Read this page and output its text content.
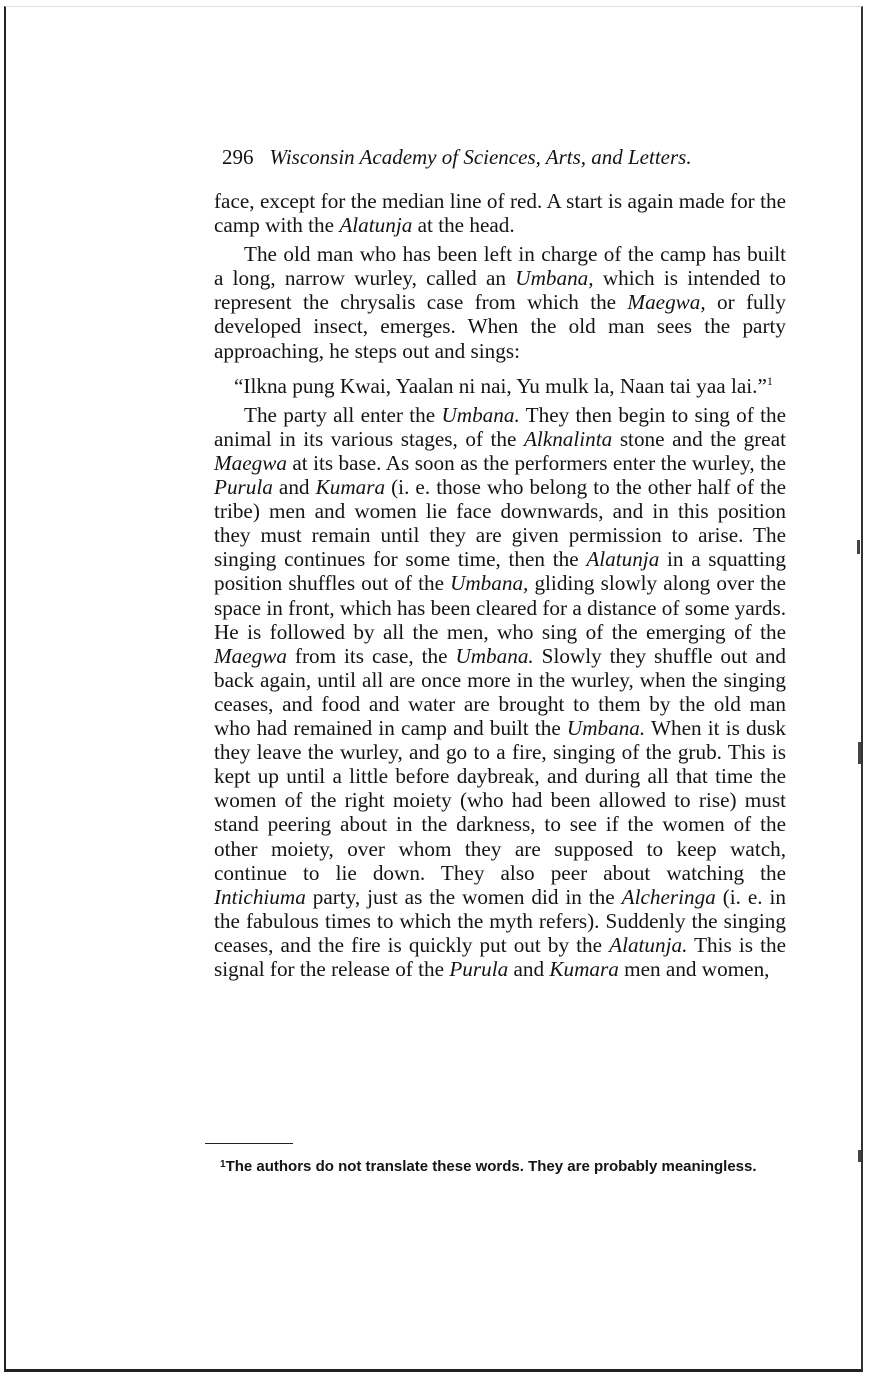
296 Wisconsin Academy of Sciences, Arts, and Letters.

face, except for the median line of red. A start is again made for the camp with the Alatunja at the head.

The old man who has been left in charge of the camp has built a long, narrow wurley, called an Umbana, which is intended to represent the chrysalis case from which the Maegwa, or fully developed insect, emerges. When the old man sees the party approaching, he steps out and sings:

“Ilkna pung Kwai, Yaalan ni nai, Yu mulk la, Naan tai yaa lai.”$^1$

The party all enter the Umbana. They then begin to sing of the animal in its various stages, of the Alknalinta stone and the great Maegwa at its base. As soon as the performers enter the wurley, the Purula and Kumara (i. e. those who belong to the other half of the tribe) men and women lie face downwards, and in this position they must remain until they are given permission to arise. The singing continues for some time, then the Alatunja in a squatting position shuffles out of the Umbana, gliding slowly along over the space in front, which has been cleared for a distance of some yards. He is followed by all the men, who sing of the emerging of the Maegwa from its case, the Umbana. Slowly they shuffle out and back again, until all are once more in the wurley, when the singing ceases, and food and water are brought to them by the old man who had remained in camp and built the Umbana. When it is dusk they leave the wurley, and go to a fire, singing of the grub. This is kept up until a little before daybreak, and during all that time the women of the right moiety (who had been allowed to rise) must stand peering about in the darkness, to see if the women of the other moiety, over whom they are supposed to keep watch, continue to lie down. They also peer about watching the Intichiuma party, just as the women did in the Alcheringa (i. e. in the fabulous times to which the myth refers). Suddenly the singing ceases, and the fire is quickly put out by the Alatunja. This is the signal for the release of the Purula and Kumara men and women,

$^1$The authors do not translate these words. They are probably meaningless.
